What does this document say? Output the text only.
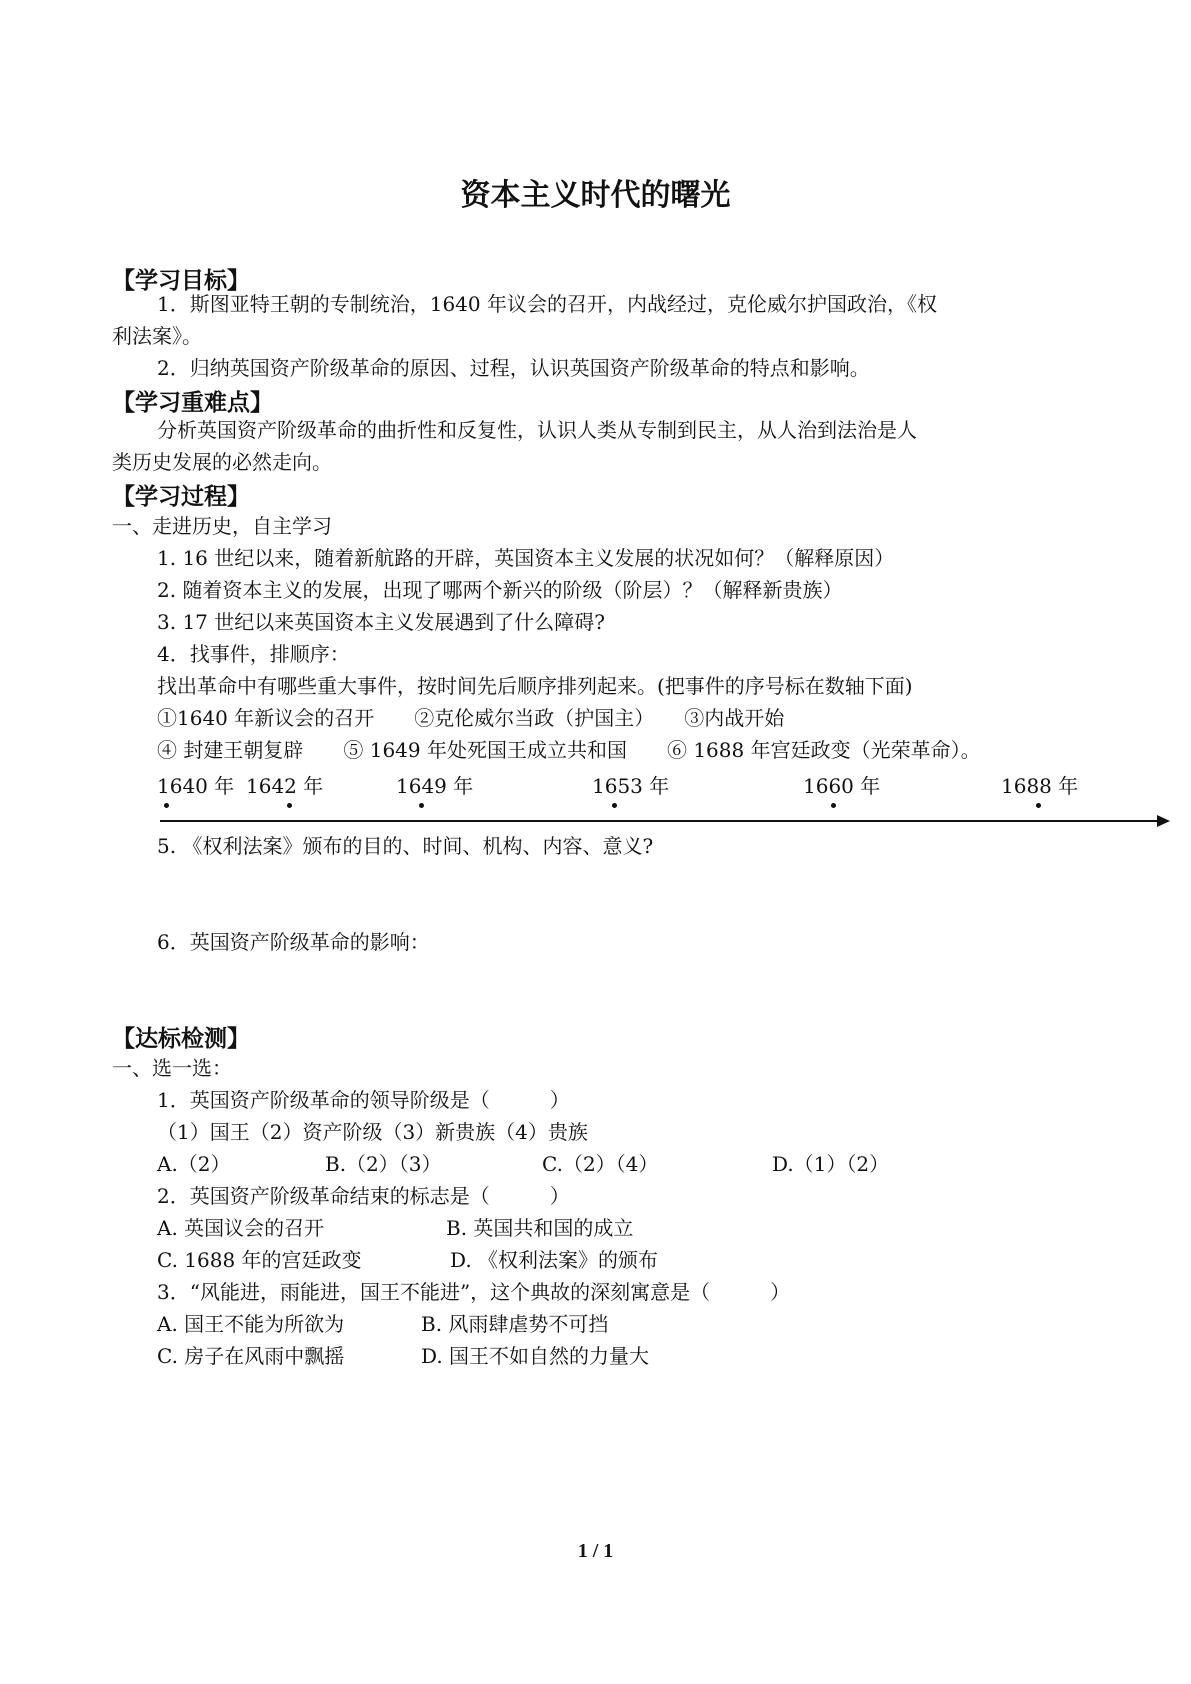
资本主义时代的曙光
【学习目标】
1．斯图亚特王朝的专制统治，1640 年议会的召开，内战经过，克伦威尔护国政治，《权
利法案》。
2．归纳英国资产阶级革命的原因、过程，认识英国资产阶级革命的特点和影响。
【学习重难点】
分析英国资产阶级革命的曲折性和反复性，认识人类从专制到民主，从人治到法治是人
类历史发展的必然走向。
【学习过程】
一、走进历史，自主学习
1. 16 世纪以来，随着新航路的开辟，英国资本主义发展的状况如何？（解释原因）
2. 随着资本主义的发展，出现了哪两个新兴的阶级（阶层）？（解释新贵族）
3. 17 世纪以来英国资本主义发展遇到了什么障碍?
4．找事件，排顺序：
找出革命中有哪些重大事件，按时间先后顺序排列起来。(把事件的序号标在数轴下面)
①1640 年新议会的召开　　②克伦威尔当政（护国主）　　③内战开始
④ 封建王朝复辟　　⑤ 1649 年处死国王成立共和国　　⑥ 1688 年宫廷政变（光荣革命）。
1640 年 1642 年	1649 年	1653 年	1660 年	1688 年
5. 《权利法案》颁布的目的、时间、机构、内容、意义?
6．英国资产阶级革命的影响：
【达标检测】
一、选一选：
1．英国资产阶级革命的领导阶级是（　　　）
（1）国王（2）资产阶级（3）新贵族（4）贵族
A.（2）	B.（2）（3）	C.（2）（4）	D.（1）（2）
2．英国资产阶级革命结束的标志是（　　　）
A. 英国议会的召开	B. 英国共和国的成立
C. 1688 年的宫廷政变	D. 《权利法案》的颁布
3．“风能进，雨能进，国王不能进”，这个典故的深刻寓意是（　　　）
A. 国王不能为所欲为	B. 风雨肆虐势不可挡
C. 房子在风雨中飘摇	D. 国王不如自然的力量大
1 / 1
